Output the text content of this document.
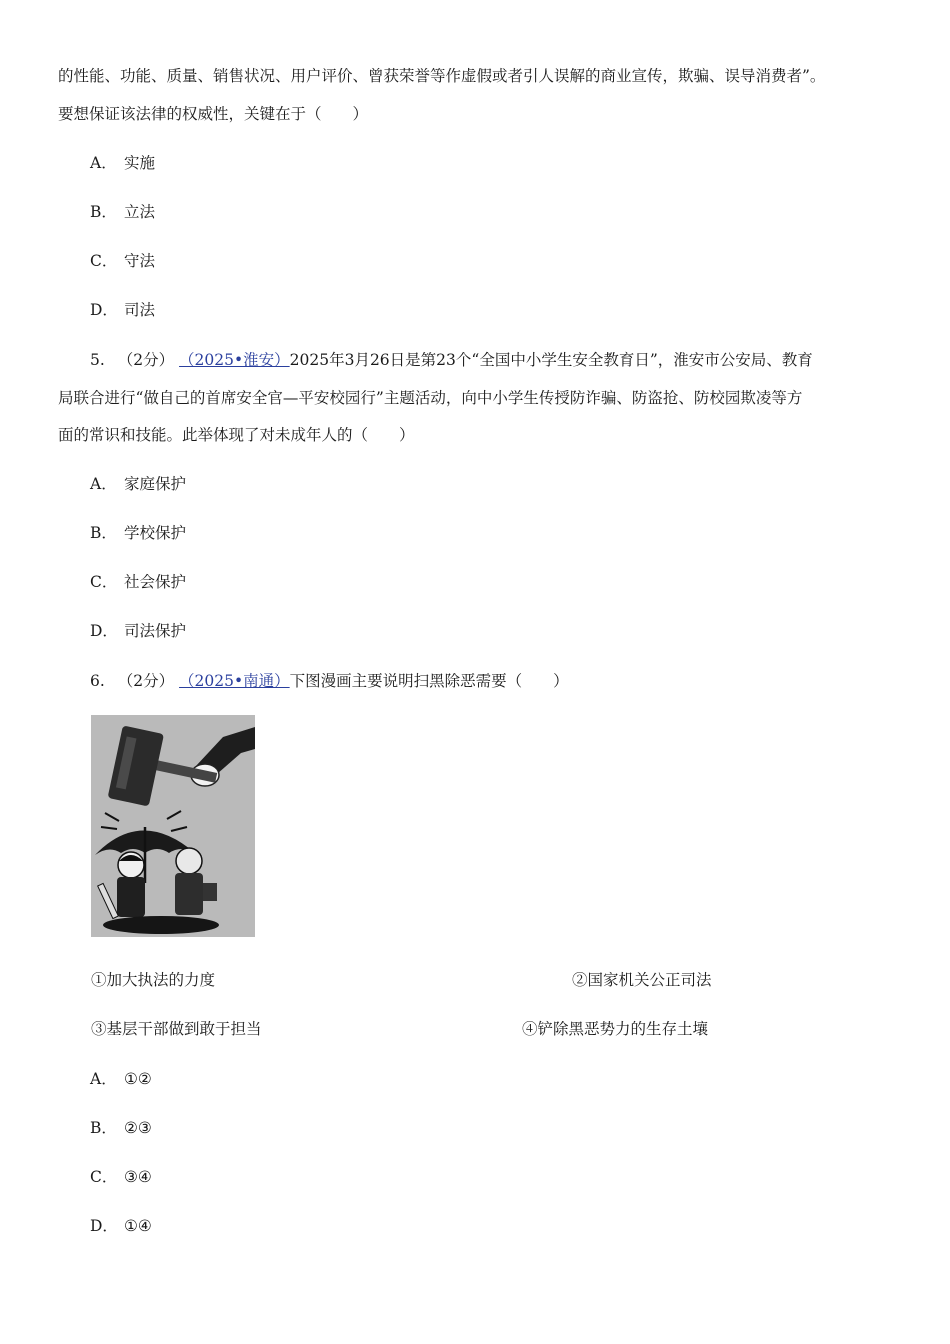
的性能、功能、质量、销售状况、用户评价、曾获荣誉等作虚假或者引人误解的商业宣传，欺骗、误导消费者”。
要想保证该法律的权威性，关键在于（　　）
A． 实施
B． 立法
C． 守法
D． 司法
5. （2分） （2025•淮安）2025年3月26日是第23个“全国中小学生安全教育日”，淮安市公安局、教育
局联合进行“做自己的首席安全官—平安校园行”主题活动，向中小学生传授防诈骗、防盗抢、防校园欺凌等方
面的常识和技能。此举体现了对未成年人的（　　）
A． 家庭保护
B． 学校保护
C． 社会保护
D． 司法保护
6. （2分） （2025•南通）下图漫画主要说明扫黑除恶需要（　　）
①加大执法的力度	②国家机关公正司法
③基层干部做到敢于担当	④铲除黑恶势力的生存土壤
A． ①②
B． ②③
C． ③④
D． ①④
